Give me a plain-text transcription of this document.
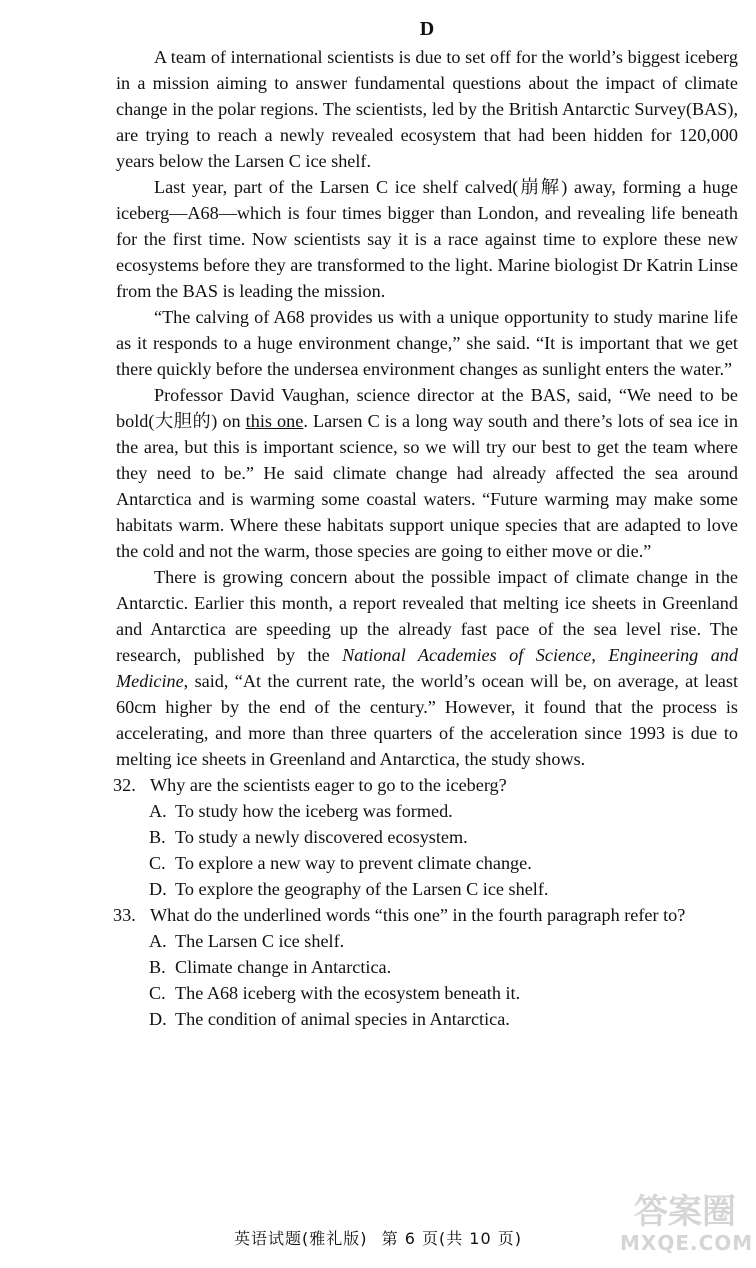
D

A team of international scientists is due to set off for the world’s biggest iceberg in a mission aiming to answer fundamental questions about the impact of climate change in the polar regions. The scientists, led by the British Antarctic Survey(BAS), are trying to reach a newly revealed ecosystem that had been hidden for 120,000 years below the Larsen C ice shelf.

Last year, part of the Larsen C ice shelf calved(崩解) away, forming a huge iceberg—A68—which is four times bigger than London, and revealing life beneath for the first time. Now scientists say it is a race against time to explore these new ecosystems before they are transformed to the light. Marine biologist Dr Katrin Linse from the BAS is leading the mission.

“The calving of A68 provides us with a unique opportunity to study marine life as it responds to a huge environment change,” she said. “It is important that we get there quickly before the undersea environment changes as sunlight enters the water.”

Professor David Vaughan, science director at the BAS, said, “We need to be bold(大胆的) on this one. Larsen C is a long way south and there’s lots of sea ice in the area, but this is important science, so we will try our best to get the team where they need to be.” He said climate change had already affected the sea around Antarctica and is warming some coastal waters. “Future warming may make some habitats warm. Where these habitats support unique species that are adapted to love the cold and not the warm, those species are going to either move or die.”

There is growing concern about the possible impact of climate change in the Antarctic. Earlier this month, a report revealed that melting ice sheets in Greenland and Antarctica are speeding up the already fast pace of the sea level rise. The research, published by the National Academies of Science, Engineering and Medicine, said, “At the current rate, the world’s ocean will be, on average, at least 60cm higher by the end of the century.” However, it found that the process is accelerating, and more than three quarters of the acceleration since 1993 is due to melting ice sheets in Greenland and Antarctica, the study shows.

32. Why are the scientists eager to go to the iceberg?
A. To study how the iceberg was formed.
B. To study a newly discovered ecosystem.
C. To explore a new way to prevent climate change.
D. To explore the geography of the Larsen C ice shelf.
33. What do the underlined words “this one” in the fourth paragraph refer to?
A. The Larsen C ice shelf.
B. Climate change in Antarctica.
C. The A68 iceberg with the ecosystem beneath it.
D. The condition of animal species in Antarctica.
英语试题(雅礼版) 第 6 页(共 10 页)
答案圈
MXQE.COM
